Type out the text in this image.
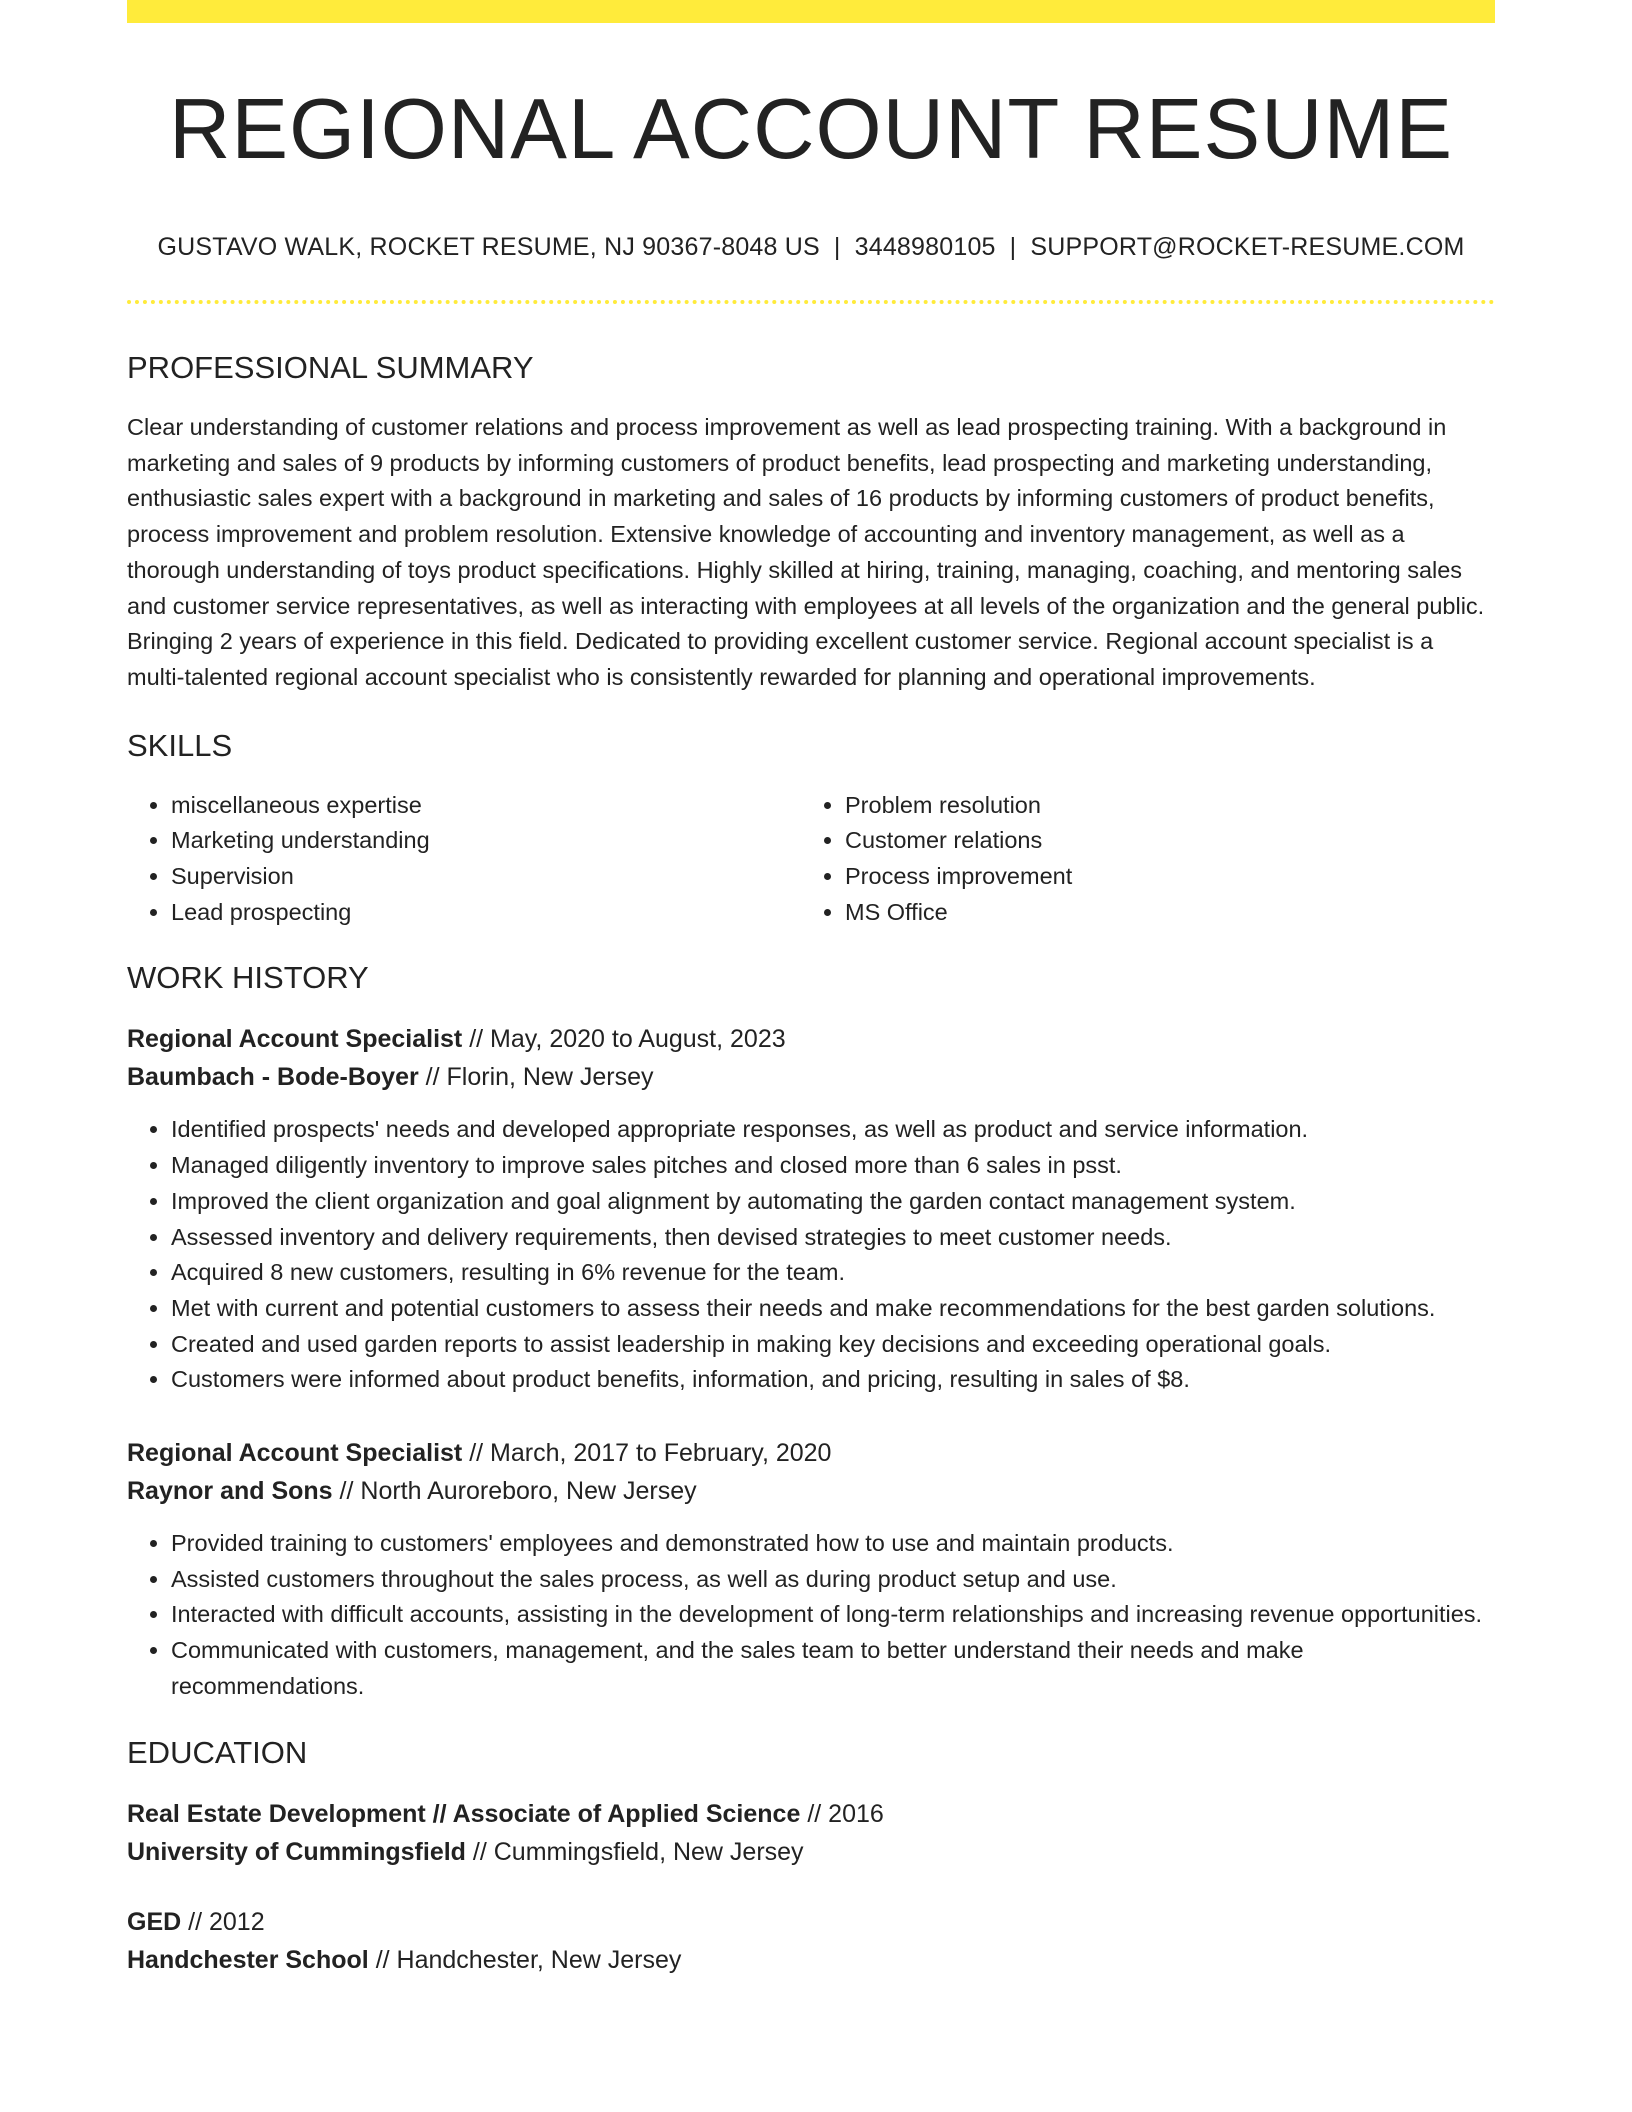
REGIONAL ACCOUNT RESUME
GUSTAVO WALK, ROCKET RESUME, NJ 90367-8048 US | 3448980105 | SUPPORT@ROCKET-RESUME.COM
PROFESSIONAL SUMMARY
Clear understanding of customer relations and process improvement as well as lead prospecting training. With a background in marketing and sales of 9 products by informing customers of product benefits, lead prospecting and marketing understanding, enthusiastic sales expert with a background in marketing and sales of 16 products by informing customers of product benefits, process improvement and problem resolution. Extensive knowledge of accounting and inventory management, as well as a thorough understanding of toys product specifications. Highly skilled at hiring, training, managing, coaching, and mentoring sales and customer service representatives, as well as interacting with employees at all levels of the organization and the general public. Bringing 2 years of experience in this field. Dedicated to providing excellent customer service. Regional account specialist is a multi-talented regional account specialist who is consistently rewarded for planning and operational improvements.
SKILLS
• miscellaneous expertise
• Marketing understanding
• Supervision
• Lead prospecting
• Problem resolution
• Customer relations
• Process improvement
• MS Office
WORK HISTORY
Regional Account Specialist // May, 2020 to August, 2023
Baumbach - Bode-Boyer // Florin, New Jersey
• Identified prospects' needs and developed appropriate responses, as well as product and service information.
• Managed diligently inventory to improve sales pitches and closed more than 6 sales in psst.
• Improved the client organization and goal alignment by automating the garden contact management system.
• Assessed inventory and delivery requirements, then devised strategies to meet customer needs.
• Acquired 8 new customers, resulting in 6% revenue for the team.
• Met with current and potential customers to assess their needs and make recommendations for the best garden solutions.
• Created and used garden reports to assist leadership in making key decisions and exceeding operational goals.
• Customers were informed about product benefits, information, and pricing, resulting in sales of $8.
Regional Account Specialist // March, 2017 to February, 2020
Raynor and Sons // North Auroreboro, New Jersey
• Provided training to customers' employees and demonstrated how to use and maintain products.
• Assisted customers throughout the sales process, as well as during product setup and use.
• Interacted with difficult accounts, assisting in the development of long-term relationships and increasing revenue opportunities.
• Communicated with customers, management, and the sales team to better understand their needs and make recommendations.
EDUCATION
Real Estate Development // Associate of Applied Science // 2016
University of Cummingsfield // Cummingsfield, New Jersey
GED // 2012
Handchester School // Handchester, New Jersey
